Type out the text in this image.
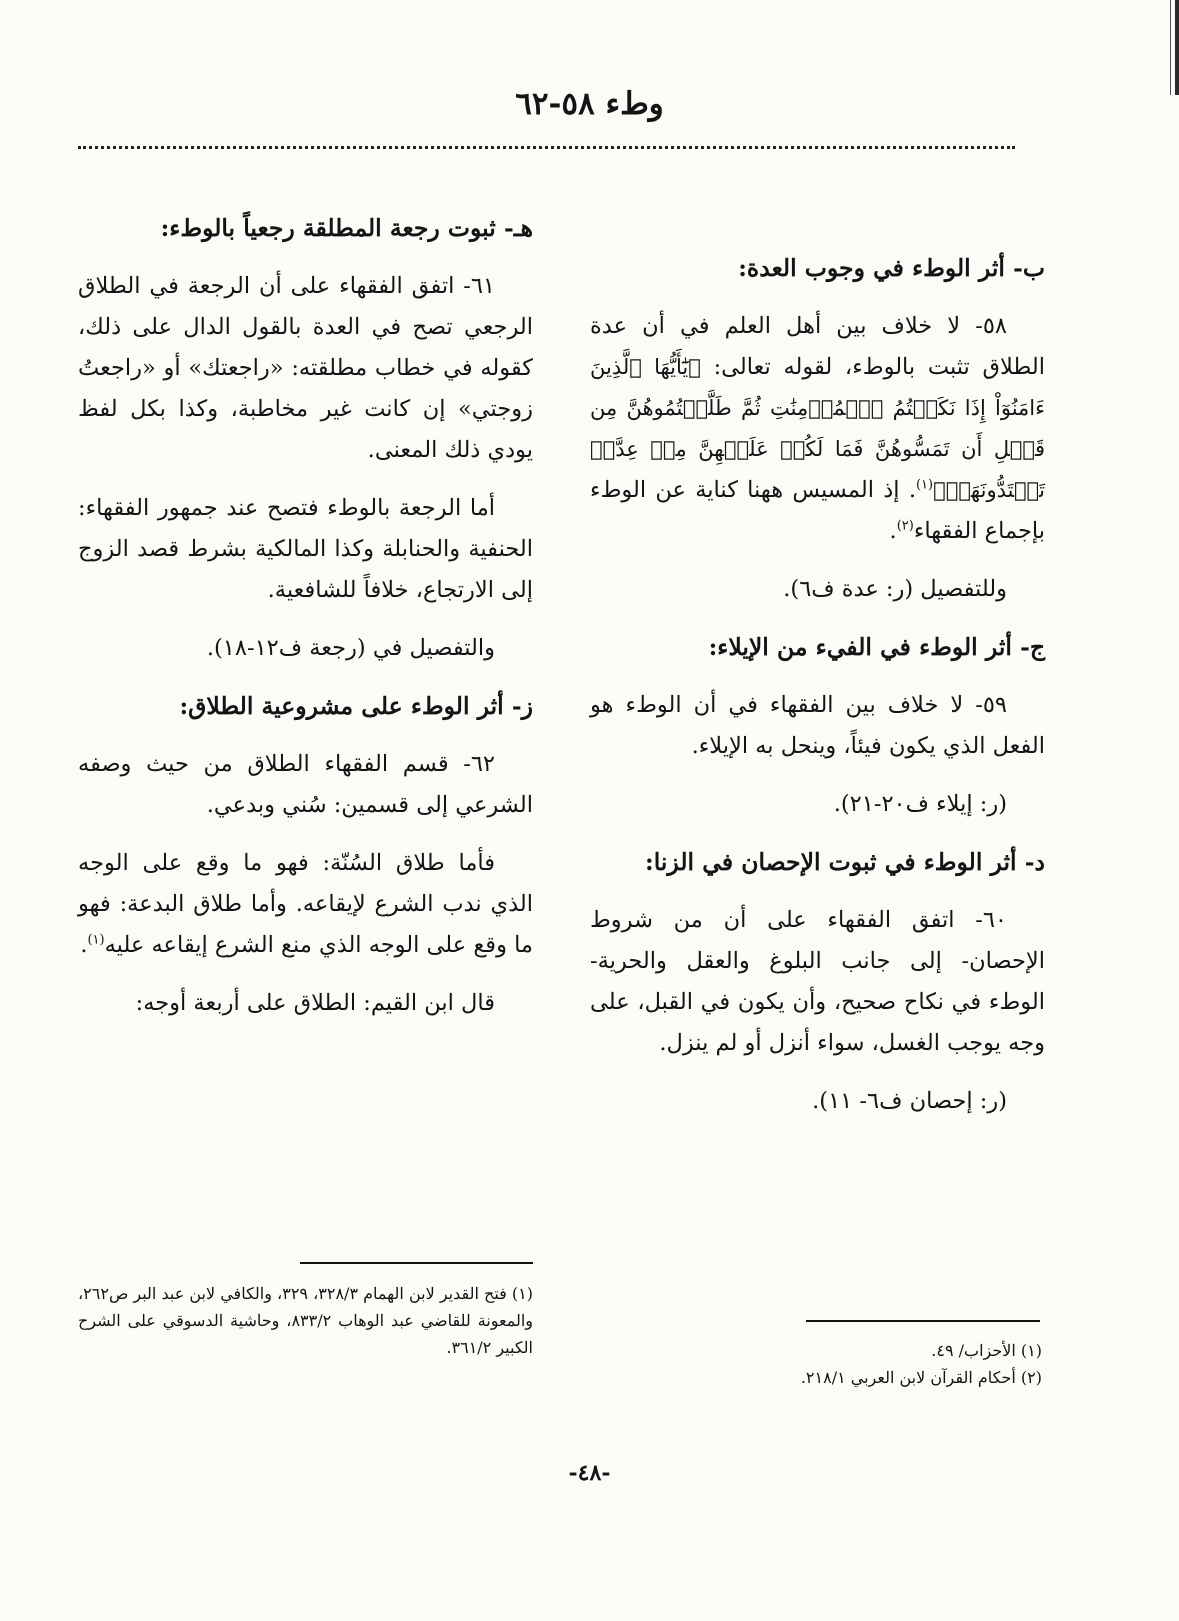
وطء ٥٨-٦٢
ب- أثر الوطء في وجوب العدة:

٥٨- لا خلاف بين أهل العلم في أن عدة الطلاق تثبت بالوطء، لقوله تعالى: ﴿يَٰٓأَيُّهَا ٱلَّذِينَ ءَامَنُوٓاْ إِذَا نَكَحۡتُمُ ٱلۡمُؤۡمِنَٰتِ ثُمَّ طَلَّقۡتُمُوهُنَّ مِن قَبۡلِ أَن تَمَسُّوهُنَّ فَمَا لَكُمۡ عَلَيۡهِنَّ مِنۡ عِدَّةٖ تَعۡتَدُّونَهَاۖ﴾$^{(١)}$. إذ المسيس ههنا كناية عن الوطء بإجماع الفقهاء$^{(٢)}$.

وللتفصيل (ر: عدة ف٦).
ج- أثر الوطء في الفيء من الإيلاء:

٥٩- لا خلاف بين الفقهاء في أن الوطء هو الفعل الذي يكون فيئاً، وينحل به الإيلاء.

(ر: إيلاء ف٢٠-٢١).
د- أثر الوطء في ثبوت الإحصان في الزنا:

٦٠- اتفق الفقهاء على أن من شروط الإحصان- إلى جانب البلوغ والعقل والحرية- الوطء في نكاح صحيح، وأن يكون في القبل، على وجه يوجب الغسل، سواء أنزل أو لم ينزل.

(ر: إحصان ف٦- ١١).

(١) الأحزاب/ ٤٩.

(٢) أحكام القرآن لابن العربي ٢١٨/١.

هـ- ثبوت رجعة المطلقة رجعياً بالوطء:

٦١- اتفق الفقهاء على أن الرجعة في الطلاق الرجعي تصح في العدة بالقول الدال على ذلك، كقوله في خطاب مطلقته: «راجعتك» أو «راجعتُ زوجتي» إن كانت غير مخاطبة، وكذا بكل لفظ يودي ذلك المعنى.

أما الرجعة بالوطء فتصح عند جمهور الفقهاء: الحنفية والحنابلة وكذا المالكية بشرط قصد الزوج إلى الارتجاع، خلافاً للشافعية.

والتفصيل في (رجعة ف١٢-١٨).
ز- أثر الوطء على مشروعية الطلاق:

٦٢- قسم الفقهاء الطلاق من حيث وصفه الشرعي إلى قسمين: سُني وبدعي.

فأما طلاق السُنّة: فهو ما وقع على الوجه الذي ندب الشرع لإيقاعه. وأما طلاق البدعة: فهو ما وقع على الوجه الذي منع الشرع إيقاعه عليه$^{(١)}$.

قال ابن القيم: الطلاق على أربعة أوجه:

(١) فتح القدير لابن الهمام ٣٢٨/٣، ٣٢٩، والكافي لابن عبد البر ص٢٦٢، والمعونة للقاضي عبد الوهاب ٨٣٣/٢، وحاشية الدسوقي على الشرح الكبير ٣٦١/٢.

-٤٨-
